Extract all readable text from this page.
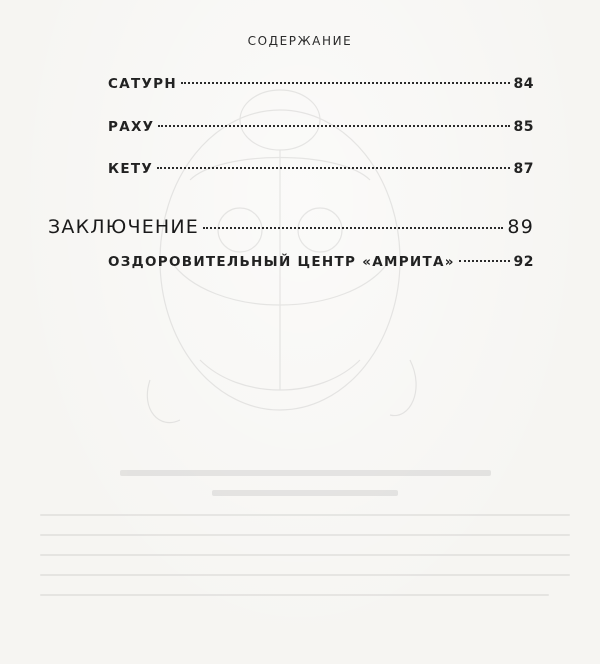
СОДЕРЖАНИЕ
САТУРН	84
РАХУ	85
КЕТУ	87
ЗАКЛЮЧЕНИЕ	89
ОЗДОРОВИТЕЛЬНЫЙ ЦЕНТР «АМРИТА»	92
